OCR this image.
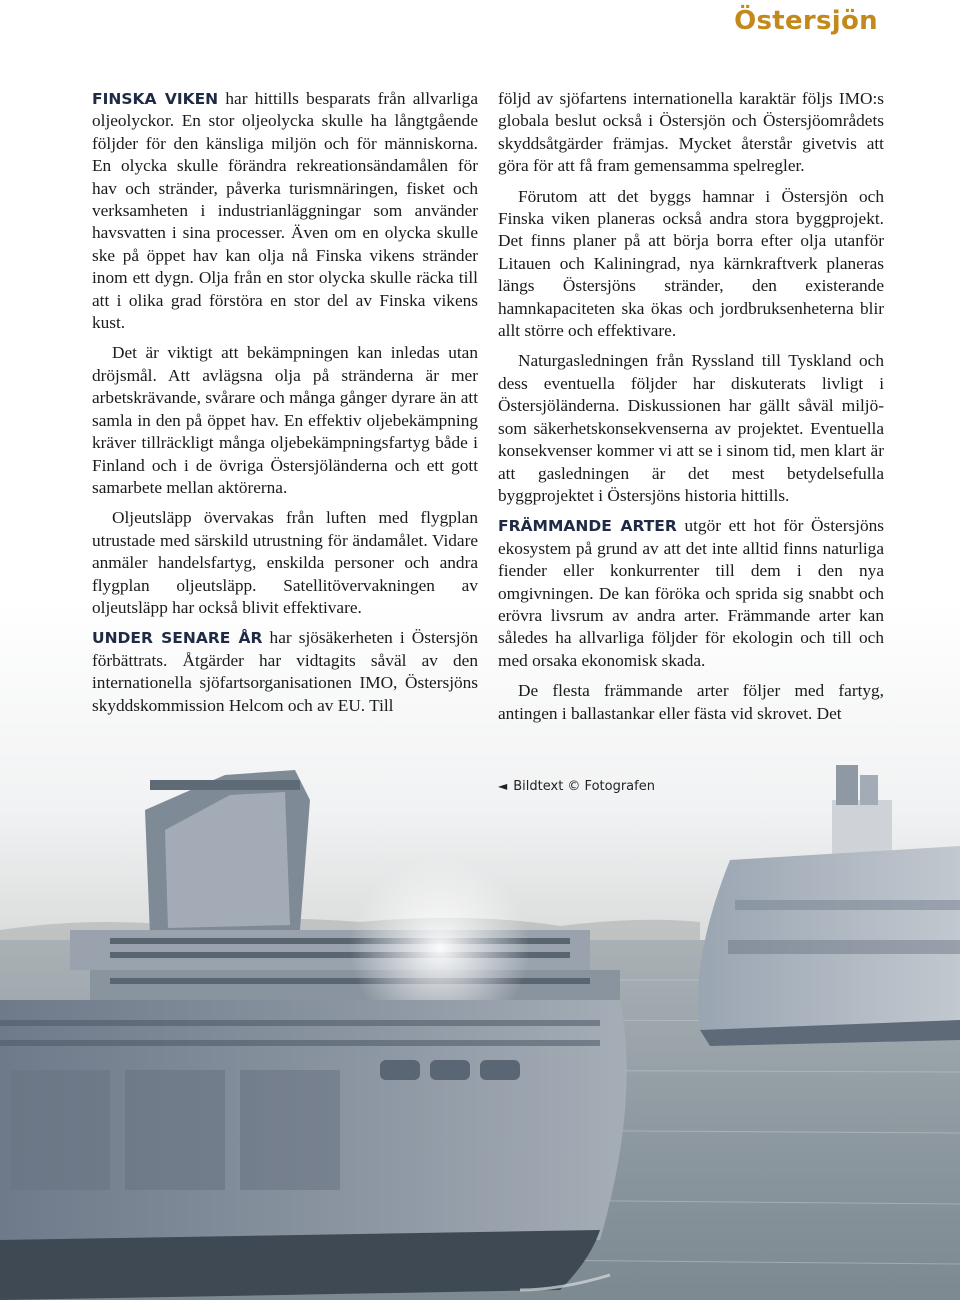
Östersjön

FINSKA VIKEN har hittills besparats från allvarliga oljeolyckor. En stor oljeolycka skulle ha långtgående följder för den känsliga miljön och för människorna. En olycka skulle förändra rekreationsändamålen för hav och stränder, påverka turismnäringen, fisket och verksamheten i industrianläggningar som använder havsvatten i sina processer. Även om en olycka skulle ske på öppet hav kan olja nå Finska vikens stränder inom ett dygn. Olja från en stor olycka skulle räcka till att i olika grad förstöra en stor del av Finska vikens kust.

Det är viktigt att bekämpningen kan inledas utan dröjsmål. Att avlägsna olja på stränderna är mer arbetskrävande, svårare och många gånger dyrare än att samla in den på öppet hav. En effektiv oljebekämpning kräver tillräckligt många oljebekämpningsfartyg både i Finland och i de övriga Östersjöländerna och ett gott samarbete mellan aktörerna.

Oljeutsläpp övervakas från luften med flygplan utrustade med särskild utrustning för ändamålet. Vidare anmäler handelsfartyg, enskilda personer och andra flygplan oljeutsläpp. Satellitövervakningen av oljeutsläpp har också blivit effektivare.

UNDER SENARE ÅR har sjösäkerheten i Östersjön förbättrats. Åtgärder har vidtagits såväl av den internationella sjöfartsorganisationen IMO, Östersjöns skyddskommission Helcom och av EU. Till

följd av sjöfartens internationella karaktär följs IMO:s globala beslut också i Östersjön och Östersjöområdets skyddsåtgärder främjas. Mycket återstår givetvis att göra för att få fram gemensamma spelregler.

Förutom att det byggs hamnar i Östersjön och Finska viken planeras också andra stora byggprojekt. Det finns planer på att börja borra efter olja utanför Litauen och Kaliningrad, nya kärnkraftverk planeras längs Östersjöns stränder, den existerande hamnkapaciteten ska ökas och jordbruksenheterna blir allt större och effektivare.

Naturgasledningen från Ryssland till Tyskland och dess eventuella följder har diskuterats livligt i Östersjöländerna. Diskussionen har gällt såväl miljö- som säkerhetskonsekvenserna av projektet. Eventuella konsekvenser kommer vi att se i sinom tid, men klart är att gasledningen är det mest betydelsefulla byggprojektet i Östersjöns historia hittills.

FRÄMMANDE ARTER utgör ett hot för Östersjöns ekosystem på grund av att det inte alltid finns naturliga fiender eller konkurrenter till dem i den nya omgivningen. De kan föröka och sprida sig snabbt och erövra livsrum av andra arter. Främmande arter kan således ha allvarliga följder för ekologin och till och med orsaka ekonomisk skada.

De flesta främmande arter följer med fartyg, antingen i ballastankar eller fästa vid skrovet. Det

◄ Bildtext © Fotografen
